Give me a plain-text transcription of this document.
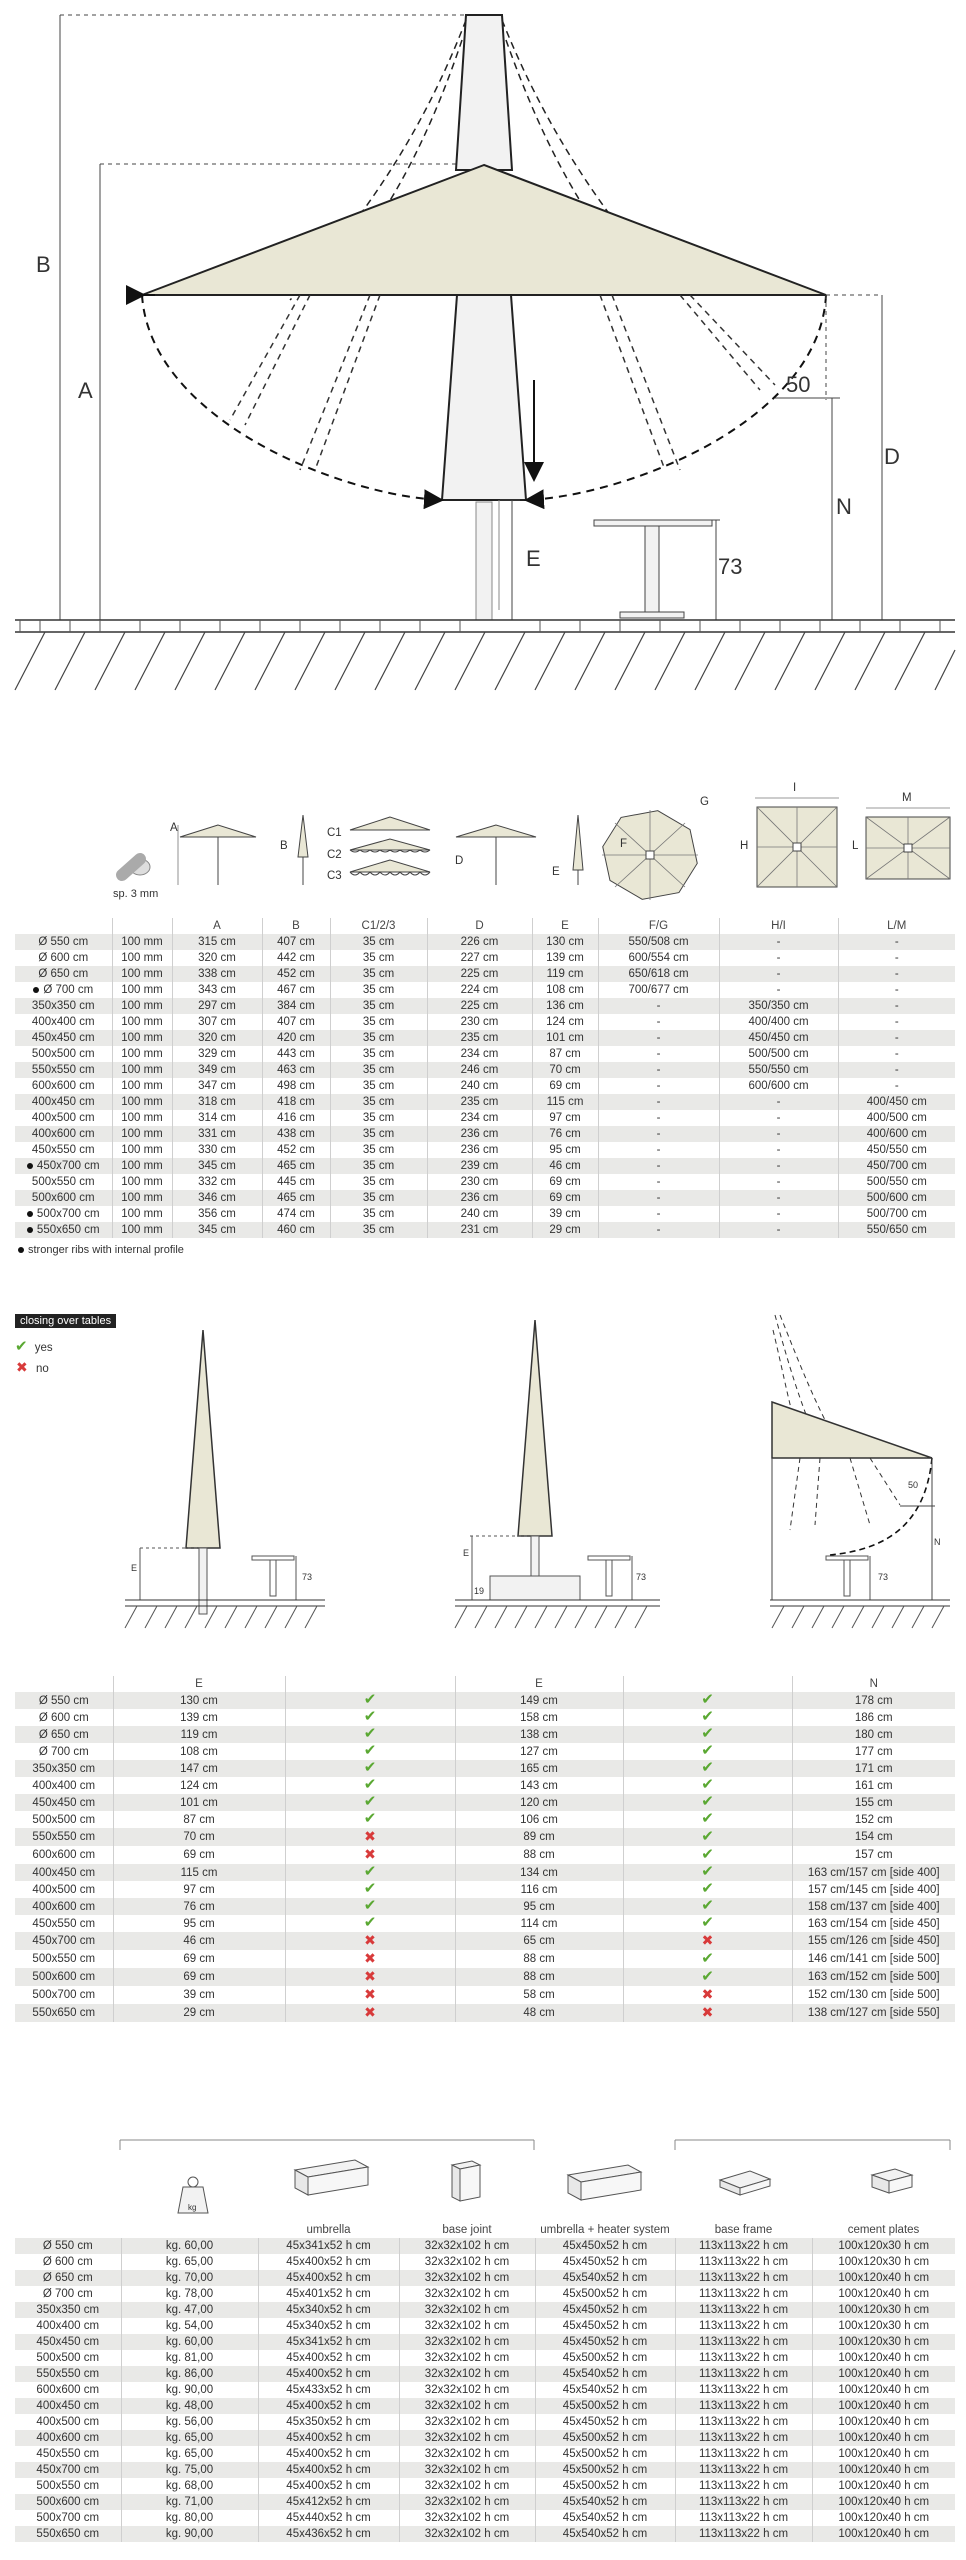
B
A	50
D
N
E	73
sp. 3 mm
A
B
C1
C2
C3
D
E
F
G
H
I
L
M
		A	B	C1/2/3	D	E	F/G	H/I	L/M
Ø 550 cm	100 mm	315 cm	407 cm	35 cm	226 cm	130 cm	550/508 cm	-	-
Ø 600 cm	100 mm	320 cm	442 cm	35 cm	227 cm	139 cm	600/554 cm	-	-
Ø 650 cm	100 mm	338 cm	452 cm	35 cm	225 cm	119 cm	650/618 cm	-	-
Ø 700 cm	100 mm	343 cm	467 cm	35 cm	224 cm	108 cm	700/677 cm	-	-
350x350 cm	100 mm	297 cm	384 cm	35 cm	225 cm	136 cm	-	350/350 cm	-
400x400 cm	100 mm	307 cm	407 cm	35 cm	230 cm	124 cm	-	400/400 cm	-
450x450 cm	100 mm	320 cm	420 cm	35 cm	235 cm	101 cm	-	450/450 cm	-
500x500 cm	100 mm	329 cm	443 cm	35 cm	234 cm	87 cm	-	500/500 cm	-
550x550 cm	100 mm	349 cm	463 cm	35 cm	246 cm	70 cm	-	550/550 cm	-
600x600 cm	100 mm	347 cm	498 cm	35 cm	240 cm	69 cm	-	600/600 cm	-
400x450 cm	100 mm	318 cm	418 cm	35 cm	235 cm	115 cm	-	-	400/450 cm
400x500 cm	100 mm	314 cm	416 cm	35 cm	234 cm	97 cm	-	-	400/500 cm
400x600 cm	100 mm	331 cm	438 cm	35 cm	236 cm	76 cm	-	-	400/600 cm
450x550 cm	100 mm	330 cm	452 cm	35 cm	236 cm	95 cm	-	-	450/550 cm
450x700 cm	100 mm	345 cm	465 cm	35 cm	239 cm	46 cm	-	-	450/700 cm
500x550 cm	100 mm	332 cm	445 cm	35 cm	230 cm	69 cm	-	-	500/550 cm
500x600 cm	100 mm	346 cm	465 cm	35 cm	236 cm	69 cm	-	-	500/600 cm
500x700 cm	100 mm	356 cm	474 cm	35 cm	240 cm	39 cm	-	-	500/700 cm
550x650 cm	100 mm	345 cm	460 cm	35 cm	231 cm	29 cm	-	-	550/650 cm
stronger ribs with internal profile
closing over tables
✔ yes
✖ no
E
73
E
19
73
50
N
73
	E		E		N
Ø 550 cm	130 cm	✔	149 cm	✔	178 cm
Ø 600 cm	139 cm	✔	158 cm	✔	186 cm
Ø 650 cm	119 cm	✔	138 cm	✔	180 cm
Ø 700 cm	108 cm	✔	127 cm	✔	177 cm
350x350 cm	147 cm	✔	165 cm	✔	171 cm
400x400 cm	124 cm	✔	143 cm	✔	161 cm
450x450 cm	101 cm	✔	120 cm	✔	155 cm
500x500 cm	87 cm	✔	106 cm	✔	152 cm
550x550 cm	70 cm	✖	89 cm	✔	154 cm
600x600 cm	69 cm	✖	88 cm	✔	157 cm
400x450 cm	115 cm	✔	134 cm	✔	163 cm/157 cm [side 400]
400x500 cm	97 cm	✔	116 cm	✔	157 cm/145 cm [side 400]
400x600 cm	76 cm	✔	95 cm	✔	158 cm/137 cm [side 400]
450x550 cm	95 cm	✔	114 cm	✔	163 cm/154 cm [side 450]
450x700 cm	46 cm	✖	65 cm	✖	155 cm/126 cm [side 450]
500x550 cm	69 cm	✖	88 cm	✔	146 cm/141 cm [side 500]
500x600 cm	69 cm	✖	88 cm	✔	163 cm/152 cm [side 500]
500x700 cm	39 cm	✖	58 cm	✖	152 cm/130 cm [side 500]
550x650 cm	29 cm	✖	48 cm	✖	138 cm/127 cm [side 550]
kg
		umbrella	base joint	umbrella + heater system	base frame	cement plates
Ø 550 cm	kg. 60,00	45x341x52 h cm	32x32x102 h cm	45x450x52 h cm	113x113x22 h cm	100x120x30 h cm
Ø 600 cm	kg. 65,00	45x400x52 h cm	32x32x102 h cm	45x450x52 h cm	113x113x22 h cm	100x120x30 h cm
Ø 650 cm	kg. 70,00	45x400x52 h cm	32x32x102 h cm	45x540x52 h cm	113x113x22 h cm	100x120x40 h cm
Ø 700 cm	kg. 78,00	45x401x52 h cm	32x32x102 h cm	45x500x52 h cm	113x113x22 h cm	100x120x40 h cm
350x350 cm	kg. 47,00	45x340x52 h cm	32x32x102 h cm	45x450x52 h cm	113x113x22 h cm	100x120x30 h cm
400x400 cm	kg. 54,00	45x340x52 h cm	32x32x102 h cm	45x450x52 h cm	113x113x22 h cm	100x120x30 h cm
450x450 cm	kg. 60,00	45x341x52 h cm	32x32x102 h cm	45x450x52 h cm	113x113x22 h cm	100x120x30 h cm
500x500 cm	kg. 81,00	45x400x52 h cm	32x32x102 h cm	45x500x52 h cm	113x113x22 h cm	100x120x40 h cm
550x550 cm	kg. 86,00	45x400x52 h cm	32x32x102 h cm	45x540x52 h cm	113x113x22 h cm	100x120x40 h cm
600x600 cm	kg. 90,00	45x433x52 h cm	32x32x102 h cm	45x540x52 h cm	113x113x22 h cm	100x120x40 h cm
400x450 cm	kg. 48,00	45x400x52 h cm	32x32x102 h cm	45x500x52 h cm	113x113x22 h cm	100x120x40 h cm
400x500 cm	kg. 56,00	45x350x52 h cm	32x32x102 h cm	45x450x52 h cm	113x113x22 h cm	100x120x40 h cm
400x600 cm	kg. 65,00	45x400x52 h cm	32x32x102 h cm	45x500x52 h cm	113x113x22 h cm	100x120x40 h cm
450x550 cm	kg. 65,00	45x400x52 h cm	32x32x102 h cm	45x500x52 h cm	113x113x22 h cm	100x120x40 h cm
450x700 cm	kg. 75,00	45x400x52 h cm	32x32x102 h cm	45x500x52 h cm	113x113x22 h cm	100x120x40 h cm
500x550 cm	kg. 68,00	45x400x52 h cm	32x32x102 h cm	45x500x52 h cm	113x113x22 h cm	100x120x40 h cm
500x600 cm	kg. 71,00	45x412x52 h cm	32x32x102 h cm	45x540x52 h cm	113x113x22 h cm	100x120x40 h cm
500x700 cm	kg. 80,00	45x440x52 h cm	32x32x102 h cm	45x540x52 h cm	113x113x22 h cm	100x120x40 h cm
550x650 cm	kg. 90,00	45x436x52 h cm	32x32x102 h cm	45x540x52 h cm	113x113x22 h cm	100x120x40 h cm
